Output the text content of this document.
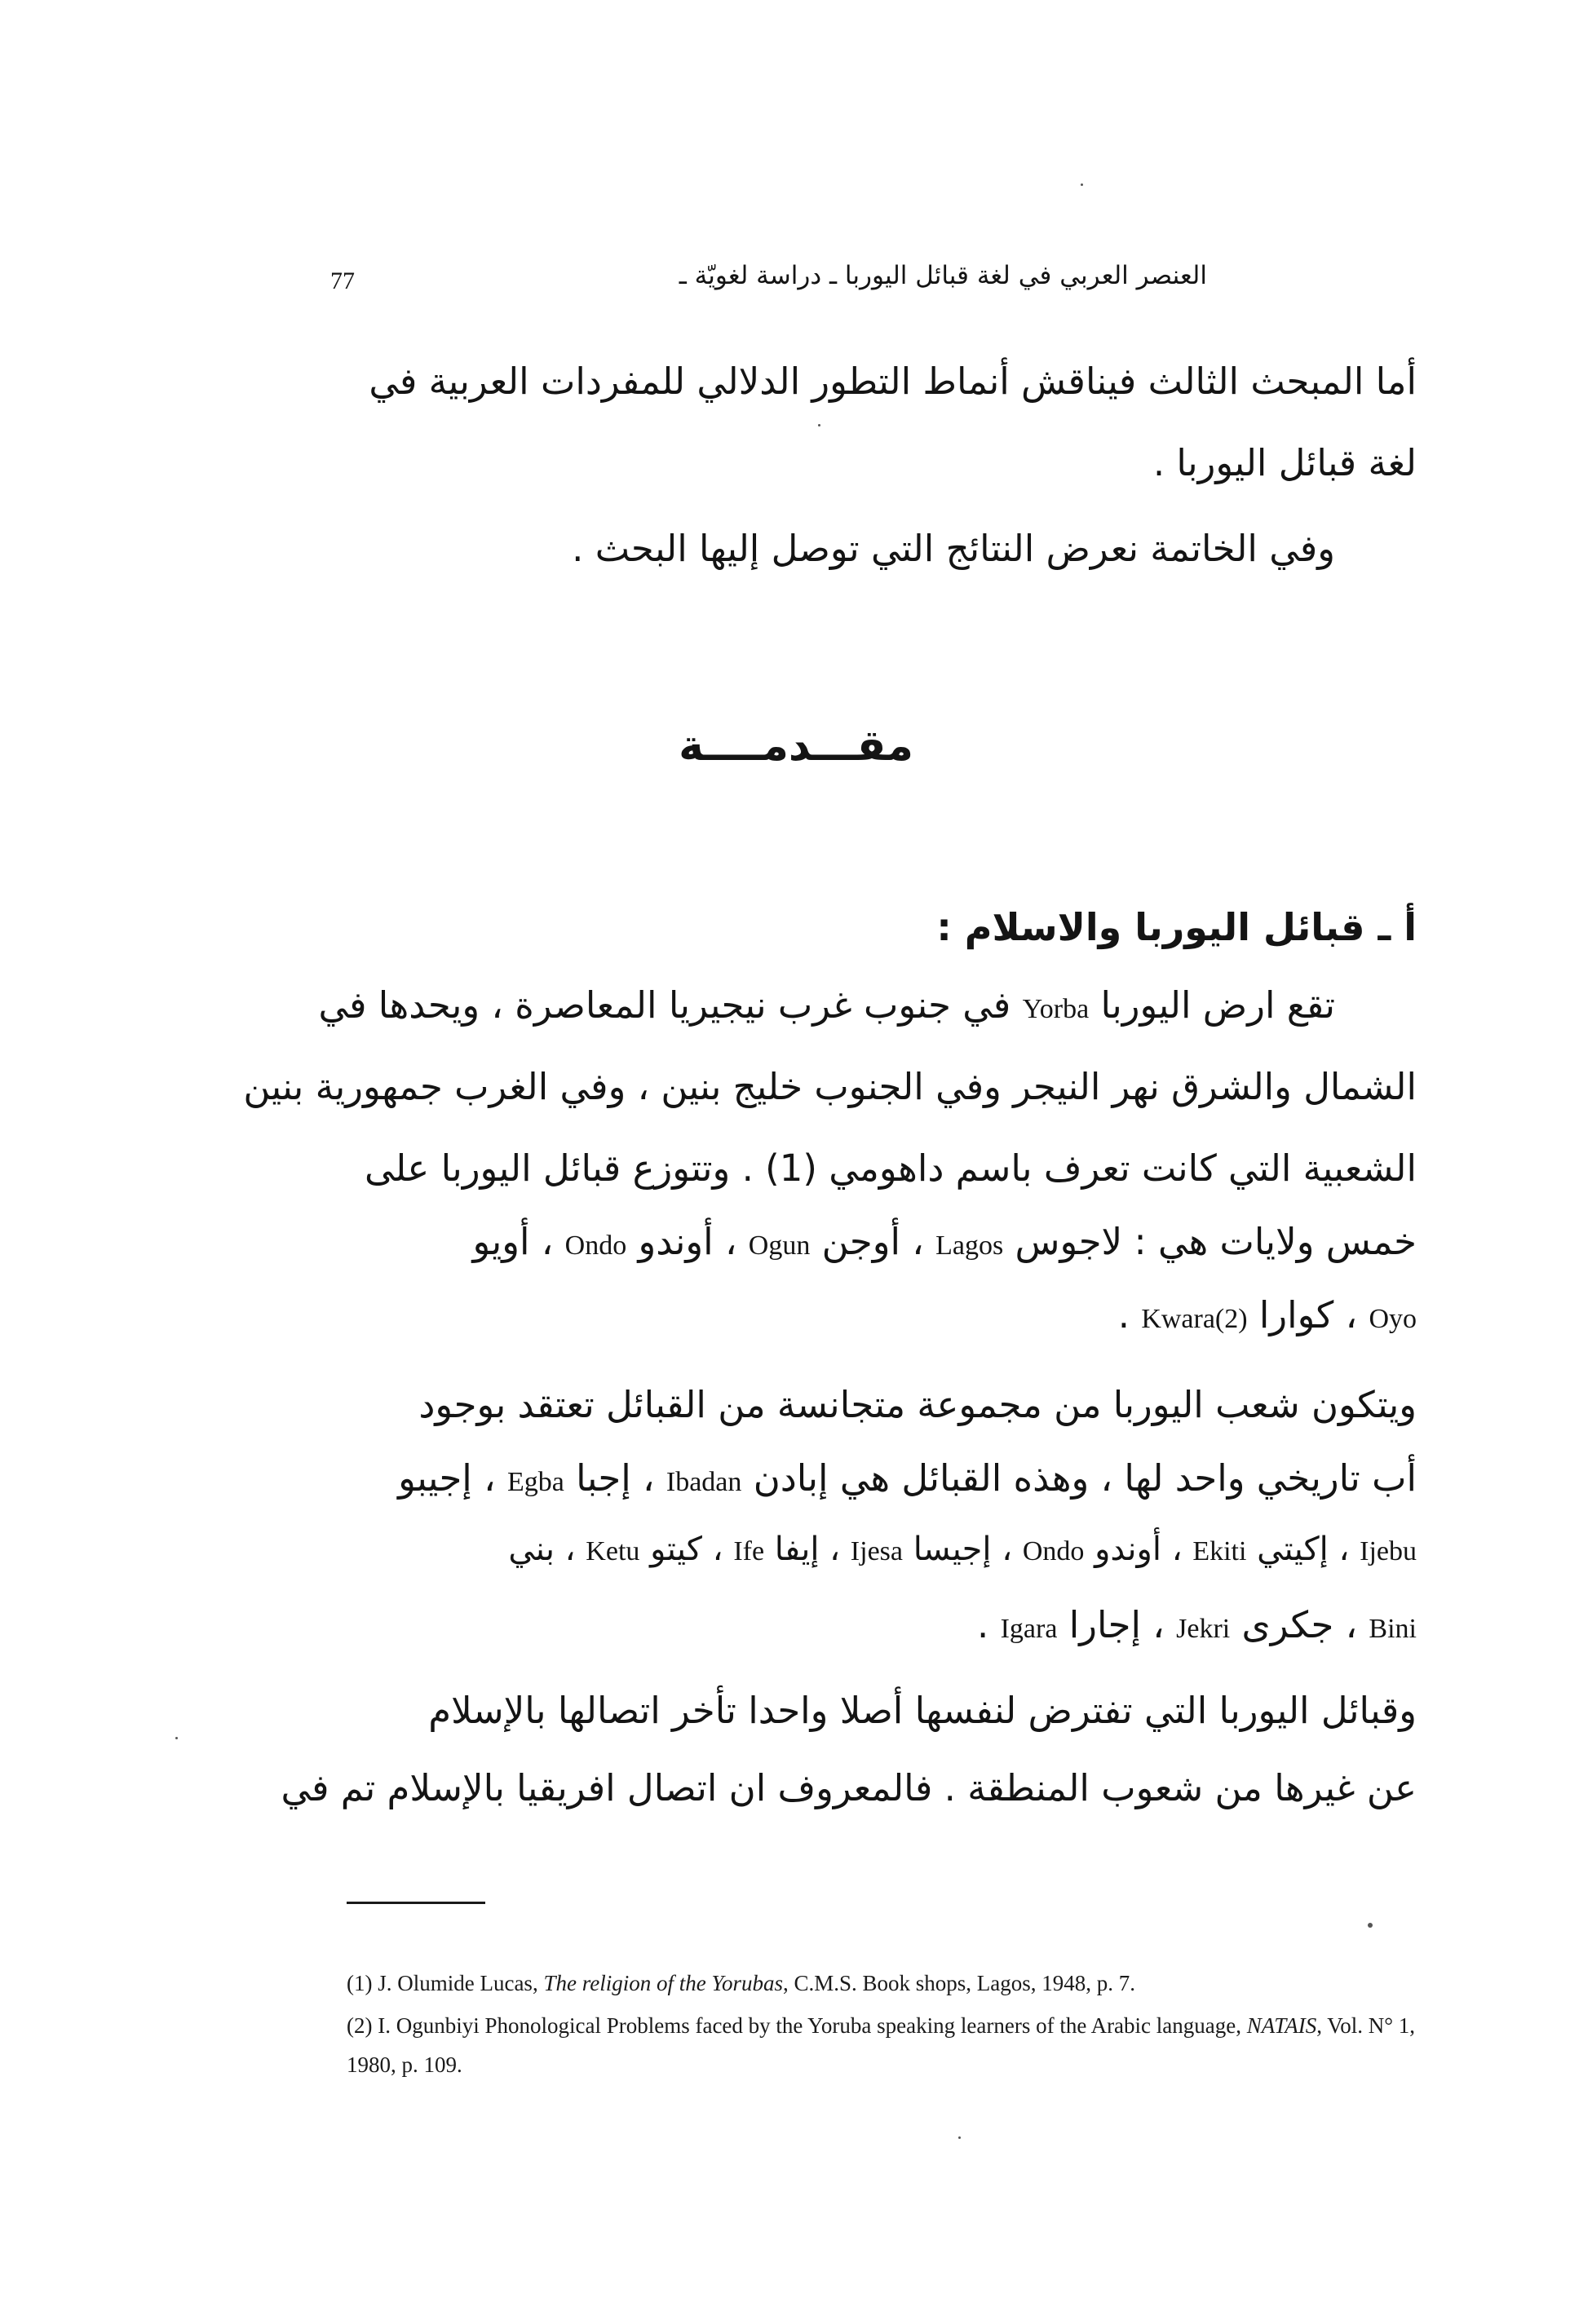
77	العنصر العربي في لغة قبائل اليوربا ـ دراسة لغويّة ـ
أما المبحث الثالث فيناقش أنماط التطور الدلالي للمفردات العربية في
لغة قبائل اليوربا .
وفي الخاتمة نعرض النتائج التي توصل إليها البحث .
مقـــدمــــة
أ ـ قبائل اليوربا والاسلام :
تقع ارض اليوربا Yorba في جنوب غرب نيجيريا المعاصرة ، ويحدها في
الشمال والشرق نهر النيجر وفي الجنوب خليج بنين ، وفي الغرب جمهورية بنين
الشعبية التي كانت تعرف باسم داهومي (1) . وتتوزع قبائل اليوربا على
خمس ولايات هي : لاجوس Lagos ، أوجن Ogun ، أوندو Ondo ، أويو
Oyo ، كوارا Kwara(2) .
ويتكون شعب اليوربا من مجموعة متجانسة من القبائل تعتقد بوجود
أب تاريخي واحد لها ، وهذه القبائل هي إبادن Ibadan ، إجبا Egba ، إجيبو
Ijebu ، إكيتي Ekiti ، أوندو Ondo ، إجيسا Ijesa ، إيفا Ife ، كيتو Ketu ، بني
Bini ، جكرى Jekri ، إجارا Igara .
وقبائل اليوربا التي تفترض لنفسها أصلا واحدا تأخر اتصالها بالإسلام
عن غيرها من شعوب المنطقة . فالمعروف ان اتصال افريقيا بالإسلام تم في
(1) J. Olumide Lucas, The religion of the Yorubas, C.M.S. Book shops, Lagos, 1948, p. 7.
(2) I. Ogunbiyi Phonological Problems faced by the Yoruba speaking learners of the Arabic language, NATAIS, Vol. N° 1, 1980, p. 109.
